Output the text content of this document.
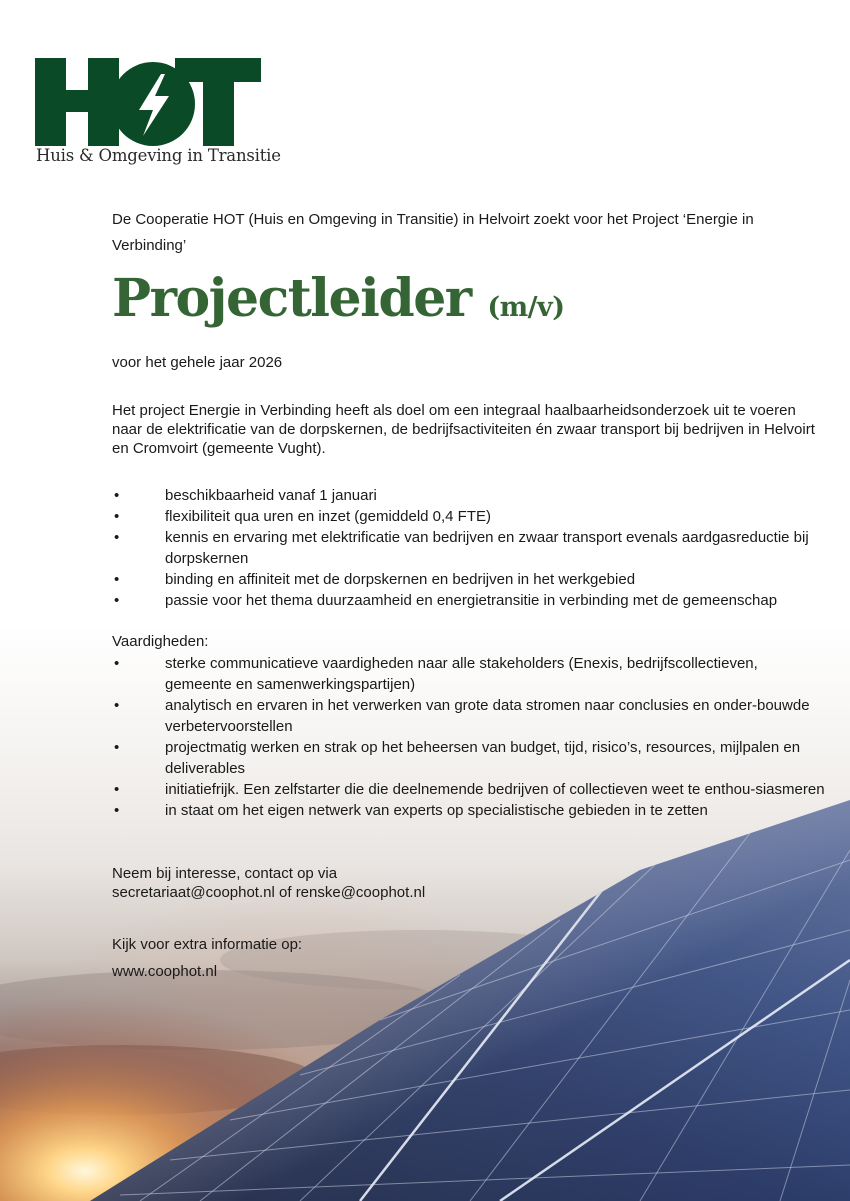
Huis & Omgeving in Transitie
De Cooperatie HOT (Huis en Omgeving in Transitie) in Helvoirt zoekt voor het Project ‘Energie in Verbinding’
Projectleider (m/v)

voor het gehele jaar 2026

Het project Energie in Verbinding heeft als doel om een integraal haalbaarheidsonderzoek uit te voeren naar de elektrificatie van de dorpskernen, de bedrijfsactiviteiten én zwaar transport bij bedrijven in Helvoirt en Cromvoirt (gemeente Vught).

•	beschikbaarheid vanaf 1 januari
•	flexibiliteit qua uren en inzet (gemiddeld 0,4 FTE)
•	kennis en ervaring met elektrificatie van bedrijven en zwaar transport evenals aardgasreductie bij dorpskernen
•	binding en affiniteit met de dorpskernen en bedrijven in het werkgebied
•	passie voor het thema duurzaamheid en energietransitie in verbinding met de gemeenschap

Vaardigheden:

•	sterke communicatieve vaardigheden naar alle stakeholders (Enexis, bedrijfscollectieven, gemeente en samenwerkingspartijen)
•	analytisch en ervaren in het verwerken van grote data stromen naar conclusies en onder-bouwde verbetervoorstellen
•	projectmatig werken en strak op het beheersen van budget, tijd, risico’s, resources, mijlpalen en deliverables
•	initiatiefrijk. Een zelfstarter die die deelnemende bedrijven of collectieven weet te enthou-siasmeren
•	in staat om het eigen netwerk van experts op specialistische gebieden in te zetten
Neem bij interesse, contact op via
secretariaat@coophot.nl of renske@coophot.nl

Kijk voor extra informatie op:

www.coophot.nl
